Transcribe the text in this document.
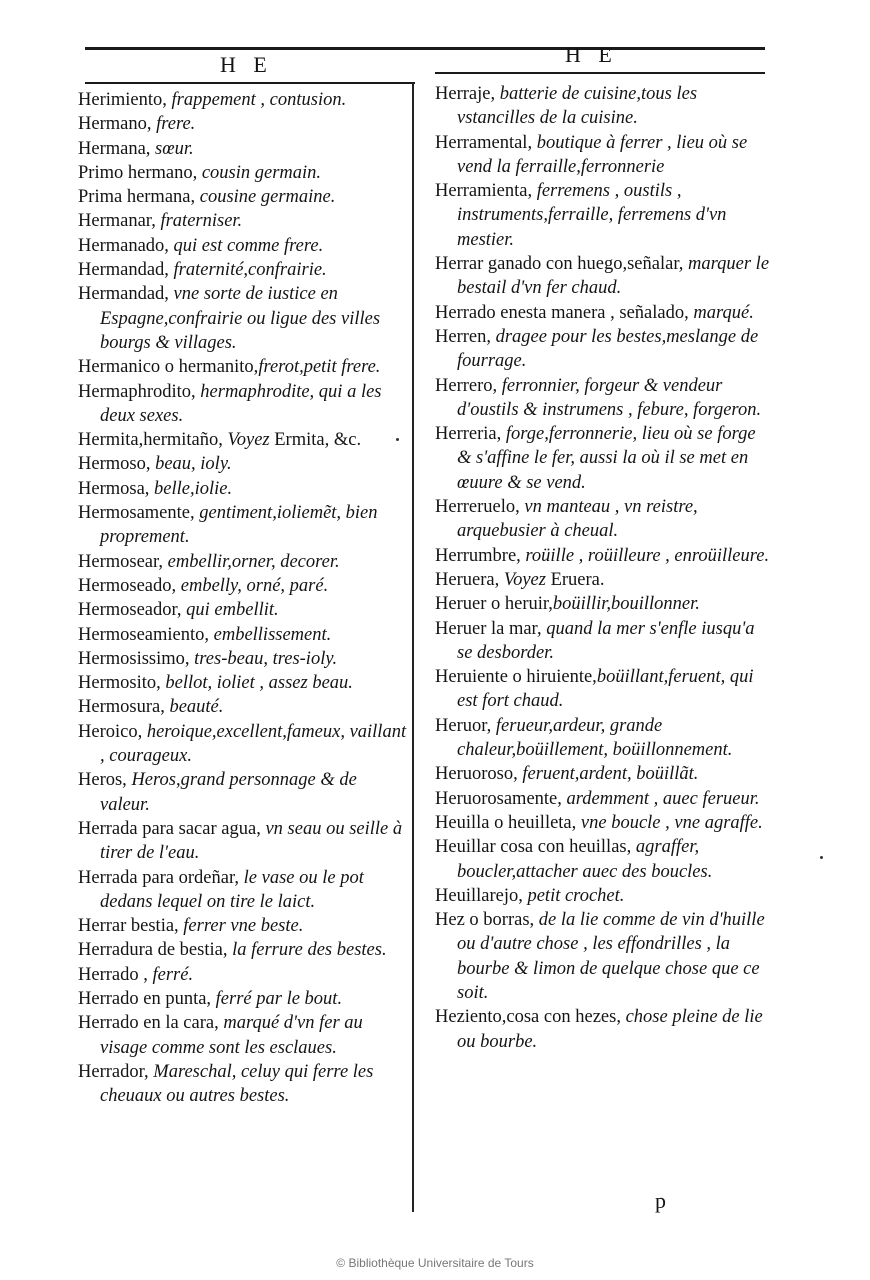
H E	H E

Herimiento, frappement , contusion.

Hermano, frere.

Hermana, sœur.

Primo hermano, cousin germain.

Prima hermana, cousine germaine.

Hermanar, fraterniser.

Hermanado, qui est comme frere.

Hermandad, fraternité,confrairie.

Hermandad, vne sorte de iustice en Espagne,confrairie ou ligue des villes bourgs & villages.

Hermanico o hermanito,frerot,petit frere.

Hermaphrodito, hermaphrodite, qui a les deux sexes.

Hermita,hermitaño, Voyez Ermita, &c.

Hermoso, beau, ioly.

Hermosa, belle,iolie.

Hermosamente, gentiment,ioliemẽt, bien proprement.

Hermosear, embellir,orner, decorer.

Hermoseado, embelly, orné, paré.

Hermoseador, qui embellit.

Hermoseamiento, embellissement.

Hermosissimo, tres-beau, tres-ioly.

Hermosito, bellot, ioliet , assez beau.

Hermosura, beauté.

Heroico, heroique,excellent,fameux, vaillant , courageux.

Heros, Heros,grand personnage & de valeur.

Herrada para sacar agua, vn seau ou seille à tirer de l'eau.

Herrada para ordeñar, le vase ou le pot dedans lequel on tire le laict.

Herrar bestia, ferrer vne beste.

Herradura de bestia, la ferrure des bestes.

Herrado , ferré.

Herrado en punta, ferré par le bout.

Herrado en la cara, marqué d'vn fer au visage comme sont les esclaues.

Herrador, Mareschal, celuy qui ferre les cheuaux ou autres bestes.

Herraje, batterie de cuisine,tous les vstancilles de la cuisine.

Herramental, boutique à ferrer , lieu où se vend la ferraille,ferronnerie

Herramienta, ferremens , oustils , instruments,ferraille, ferremens d'vn mestier.

Herrar ganado con huego,señalar, marquer le bestail d'vn fer chaud.

Herrado enesta manera , señalado, marqué.

Herren, dragee pour les bestes,meslange de fourrage.

Herrero, ferronnier, forgeur & vendeur d'oustils & instrumens , febure, forgeron.

Herreria, forge,ferronnerie, lieu où se forge & s'affine le fer, aussi la où il se met en œuure & se vend.

Herreruelo, vn manteau , vn reistre, arquebusier à cheual.

Herrumbre, roüille , roüilleure , enroüilleure.

Heruera, Voyez Eruera.

Heruer o heruir,boüillir,bouillonner.

Heruer la mar, quand la mer s'enfle iusqu'a se desborder.

Heruiente o hiruiente,boüillant,feruent, qui est fort chaud.

Heruor, ferueur,ardeur, grande chaleur,boüillement, boüillonnement.

Heruoroso, feruent,ardent, boüillãt.

Heruorosamente, ardemment , auec ferueur.

Heuilla o heuilleta, vne boucle , vne agraffe.

Heuillar cosa con heuillas, agraffer, boucler,attacher auec des boucles.

Heuillarejo, petit crochet.

Hez o borras, de la lie comme de vin d'huille ou d'autre chose , les effondrilles , la bourbe & limon de quelque chose que ce soit.

Heziento,cosa con hezes, chose pleine de lie ou bourbe.

p
© Bibliothèque Universitaire de Tours
